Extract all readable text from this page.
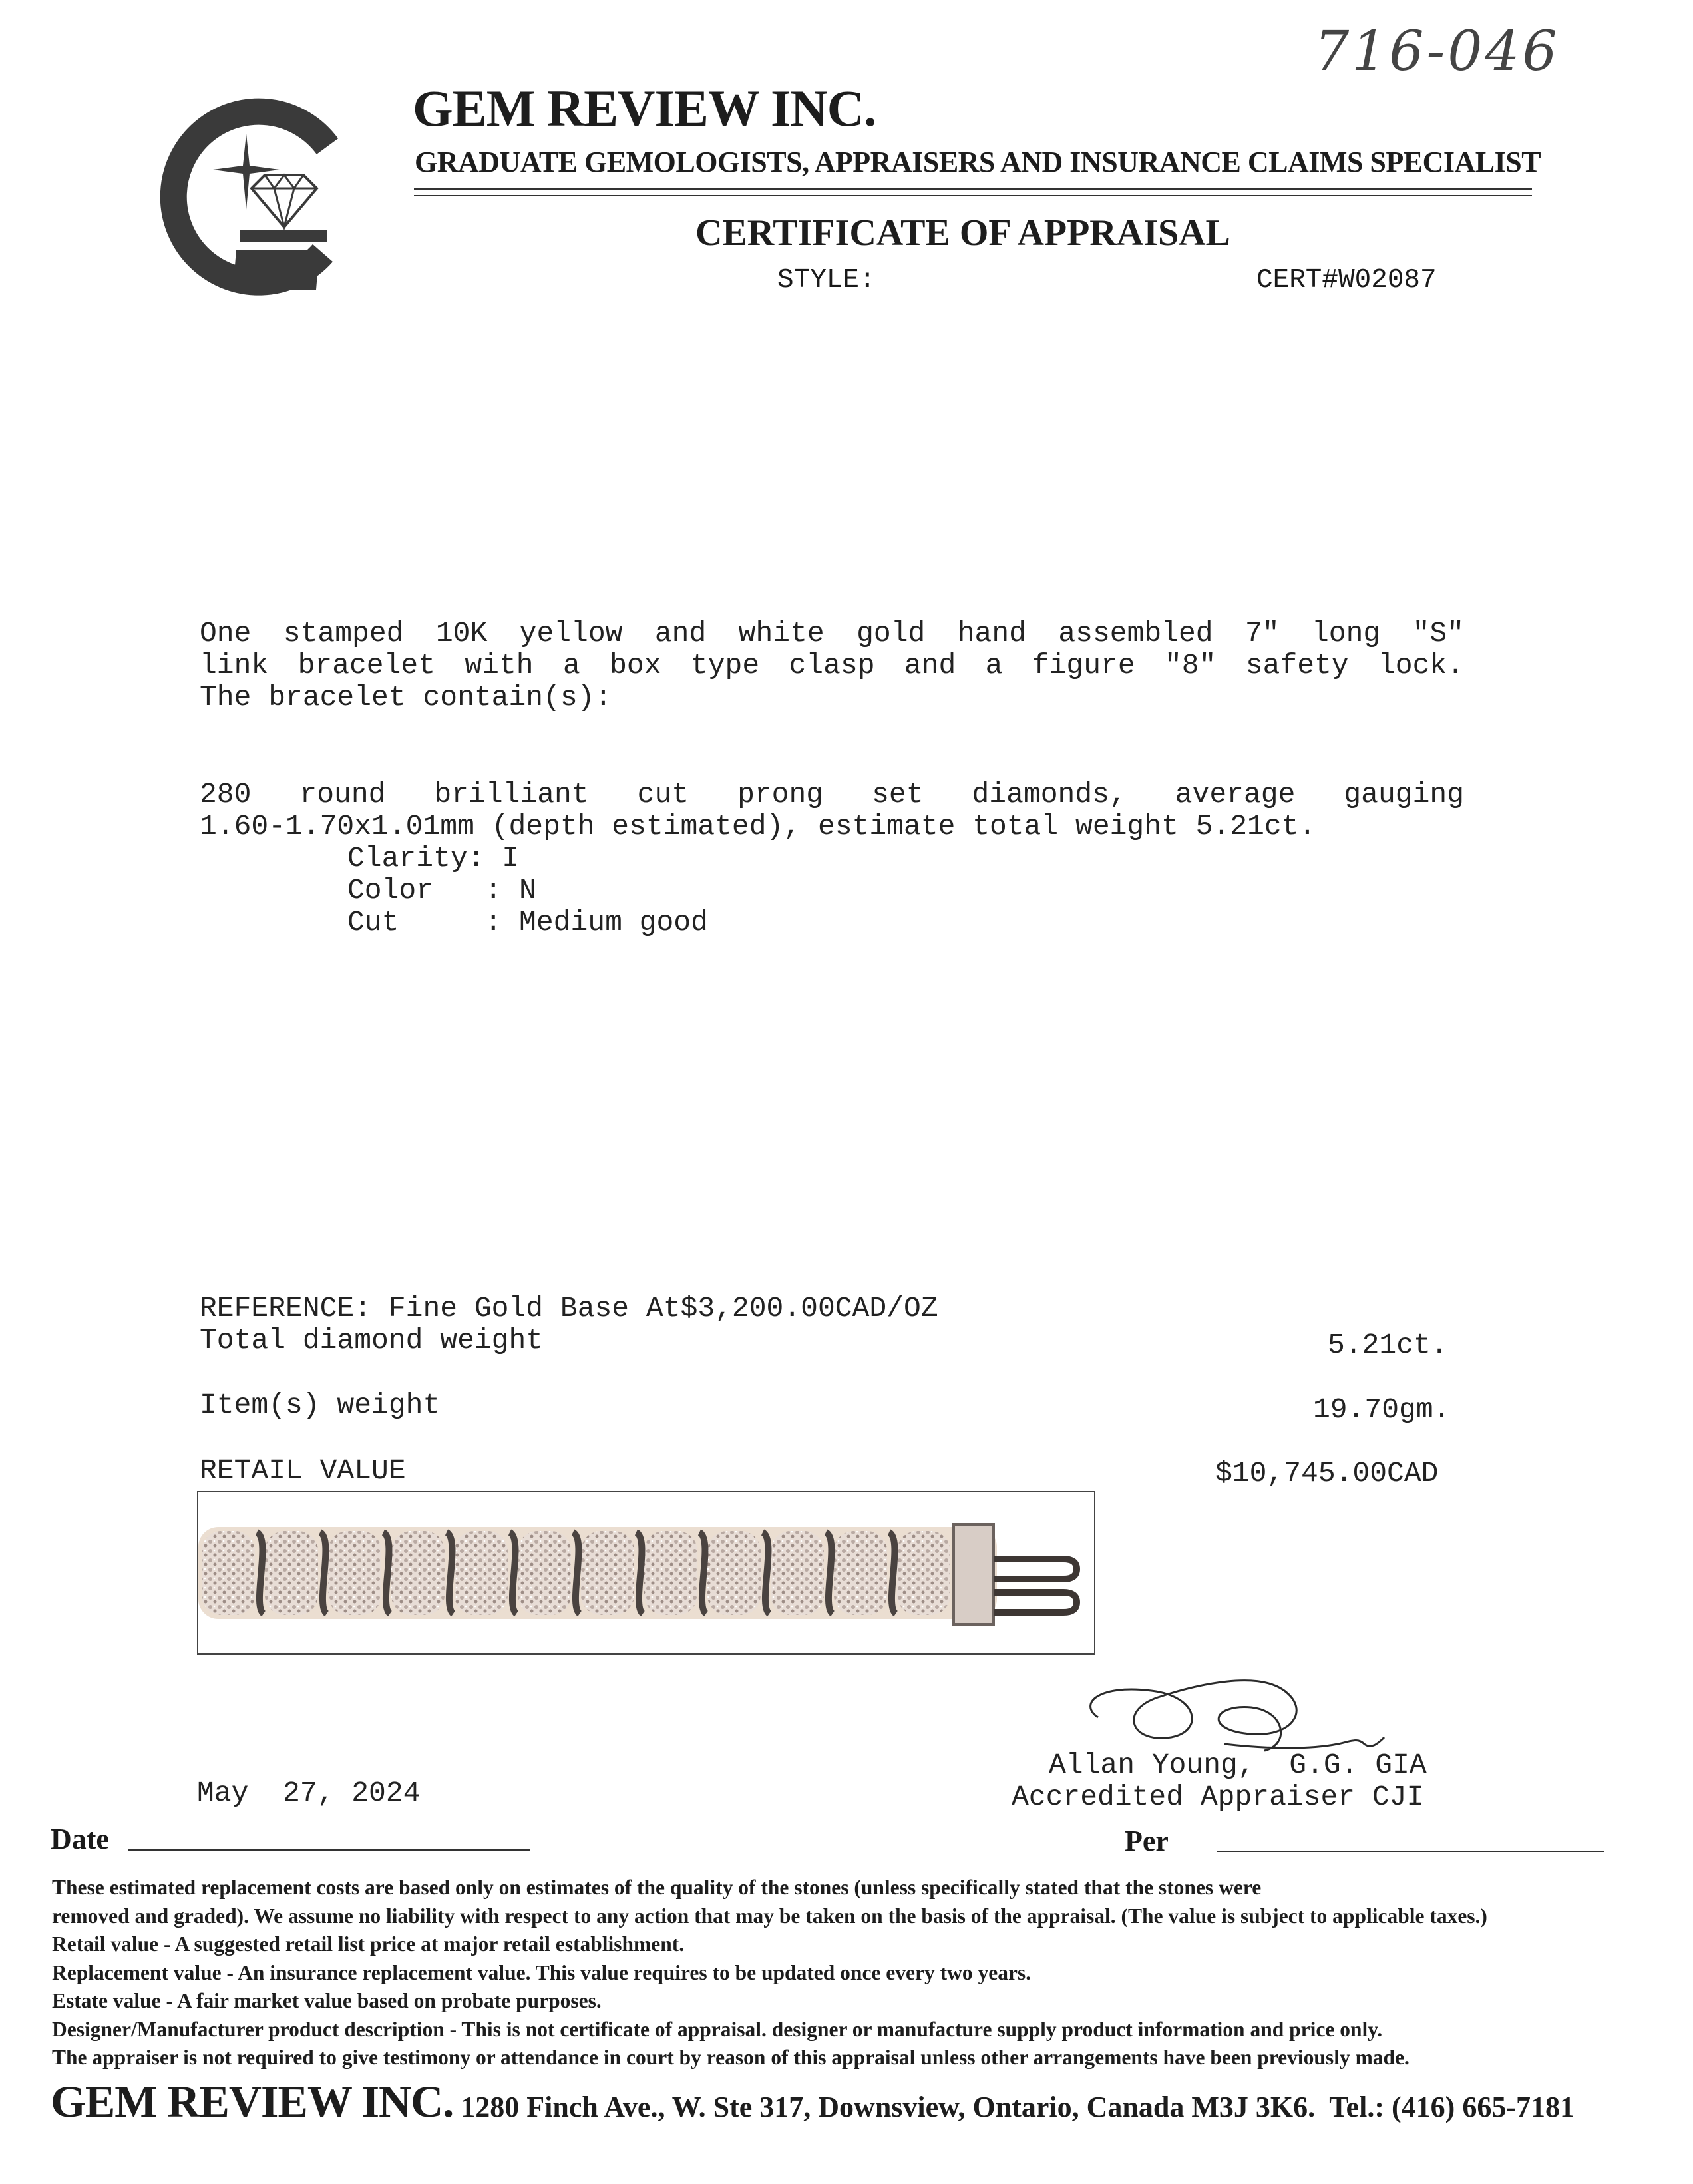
716-046
GEM REVIEW INC.
GRADUATE GEMOLOGISTS, APPRAISERS AND INSURANCE CLAIMS SPECIALIST
CERTIFICATE OF APPRAISAL
STYLE:	CERT#W02087
One stamped 10K yellow and white gold hand assembled 7" long "S"
link bracelet with a box type clasp and a figure "8" safety lock.
The bracelet contain(s):
280 round brilliant cut prong set diamonds, average gauging
1.60-1.70x1.01mm (depth estimated), estimate total weight 5.21ct.
Clarity: I
Color   : N
Cut     : Medium good
REFERENCE: Fine Gold Base At$3,200.00CAD/OZ
Total diamond weight	5.21ct.
Item(s) weight	19.70gm.
RETAIL VALUE	$10,745.00CAD
Allan Young,  G.G. GIA
Accredited Appraiser CJI
May  27, 2024
Date	Per
These estimated replacement costs are based only on estimates of the quality of the stones (unless specifically stated that the stones were
removed and graded). We assume no liability with respect to any action that may be taken on the basis of the appraisal. (The value is subject to applicable taxes.)
Retail value - A suggested retail list price at major retail establishment.
Replacement value - An insurance replacement value. This value requires to be updated once every two years.
Estate value - A fair market value based on probate purposes.
Designer/Manufacturer product description - This is not certificate of appraisal. designer or manufacture supply product information and price only.
The appraiser is not required to give testimony or attendance in court by reason of this appraisal unless other arrangements have been previously made.
GEM REVIEW INC. 1280 Finch Ave., W. Ste 317, Downsview, Ontario, Canada M3J 3K6.  Tel.: (416) 665-7181
